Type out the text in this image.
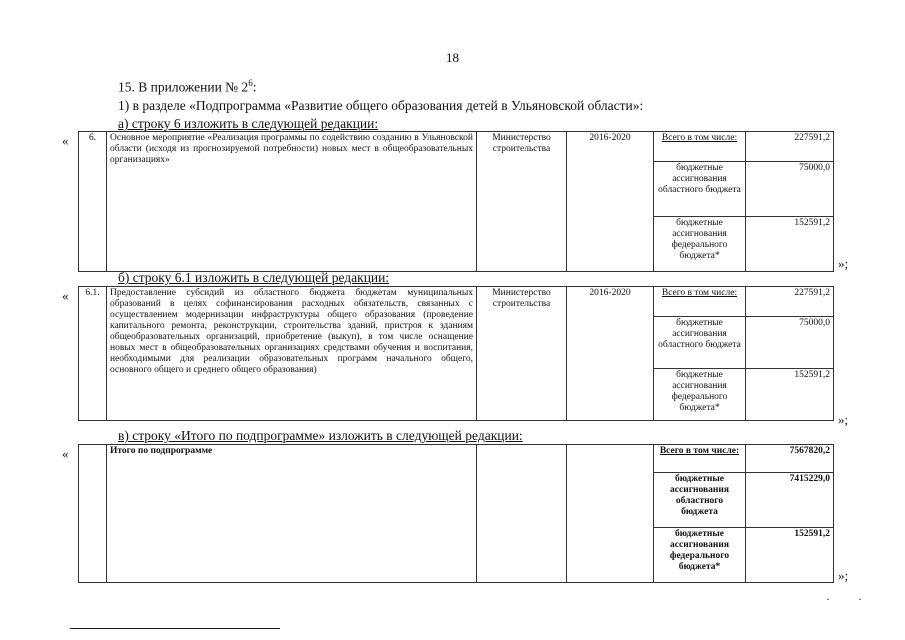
18
15. В приложении № $2^6$:
1) в разделе «Подпрограмма «Развитие общего образования детей в Ульяновской области»:
а) строку 6 изложить в следующей редакции:
« 6.	Основное мероприятие «Реализация программы по содействию созданию в Ульяновской области (исходя из прогнозируемой потребности) новых мест в общеобразовательных организациях»	Министерство строительства	2016-2020	Всего в том числе:	227591,2
				бюджетные ассигнования областного бюджета	75000,0
				бюджетные ассигнования федерального бюджета*	152591,2
»;
б) строку 6.1 изложить в следующей редакции:
« 6.1.	Предоставление субсидий из областного бюджета бюджетам муниципальных образований в целях софинансирования расходных обязательств, связанных с осуществлением модернизации инфраструктуры общего образования (проведение капитального ремонта, реконструкции, строительства зданий, пристроя к зданиям общеобразовательных организаций, приобретение (выкуп), в том числе оснащение новых мест в общеобразовательных организациях средствами обучения и воспитания, необходимыми для реализации образовательных программ начального общего, основного общего и среднего общего образования)	Министерство строительства	2016-2020	Всего в том числе:	227591,2
				бюджетные ассигнования областного бюджета	75000,0
				бюджетные ассигнования федерального бюджета*	152591,2
»;
в) строку «Итого по подпрограмме» изложить в следующей редакции:
«
		Итого по подпрограмме			Всего в том числе:	7567820,2
				бюджетные ассигнования областного бюджета	7415229,0
				бюджетные ассигнования федерального бюджета*	152591,2
»;
· ·
